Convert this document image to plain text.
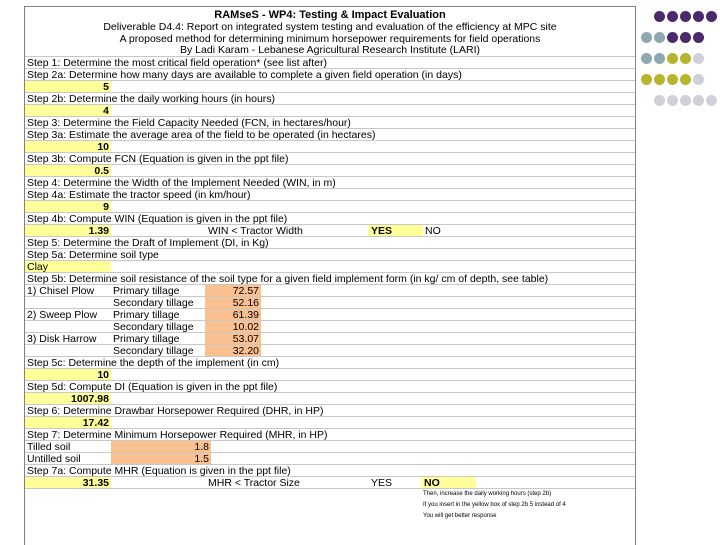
RAMseS - WP4: Testing & Impact Evaluation
Deliverable D4.4: Report on integrated system testing and evaluation of the efficiency at MPC site
A proposed method for determining minimum horsepower requirements for field operations
By Ladi Karam - Lebanese Agricultural Research Institute (LARI)
Step 1: Determine the most critical field operation* (see list after)
Step 2a: Determine how many days are available to complete a given field operation (in days)
5
Step 2b: Determine the daily working hours (in hours)
4
Step 3: Determine the Field Capacity Needed (FCN, in hectares/hour)
Step 3a: Estimate the average area of the field to be operated (in hectares)
10
Step 3b: Compute FCN (Equation is given in the ppt file)
0.5
Step 4: Determine the Width of the Implement Needed (WIN, in m)
Step 4a: Estimate the tractor speed (in km/hour)
9
Step 4b: Compute WIN (Equation is given in the ppt file)
1.39	WIN < Tractor Width	YES	NO
Step 5: Determine the Draft of Implement (DI, in Kg)
Step 5a: Determine soil type
Clay
Step 5b: Determine soil resistance of the soil type for a given field implement form (in kg/ cm of depth, see table)
1) Chisel Plow Primary tillage	72.57
Secondary tillage	52.16
2) Sweep Plow Primary tillage	61.39
Secondary tillage	10.02
3) Disk Harrow Primary tillage	53.07
Secondary tillage	32.20
Step 5c: Determine the depth of the implement (in cm)
10
Step 5d: Compute DI (Equation is given in the ppt file)
1007.98
Step 6: Determine Drawbar Horsepower Required (DHR, in HP)
17.42
Step 7: Determine Minimum Horsepower Required (MHR, in HP)
Tilled soil	1.8
Untilled soil	1.5
Step 7a: Compute MHR (Equation is given in the ppt file)
31.35	MHR < Tractor Size	YES	NO
Then, increase the daily working hours (step 2b)
If you insert in the yellow box of step 2b 5 instead of 4
You will get better response
